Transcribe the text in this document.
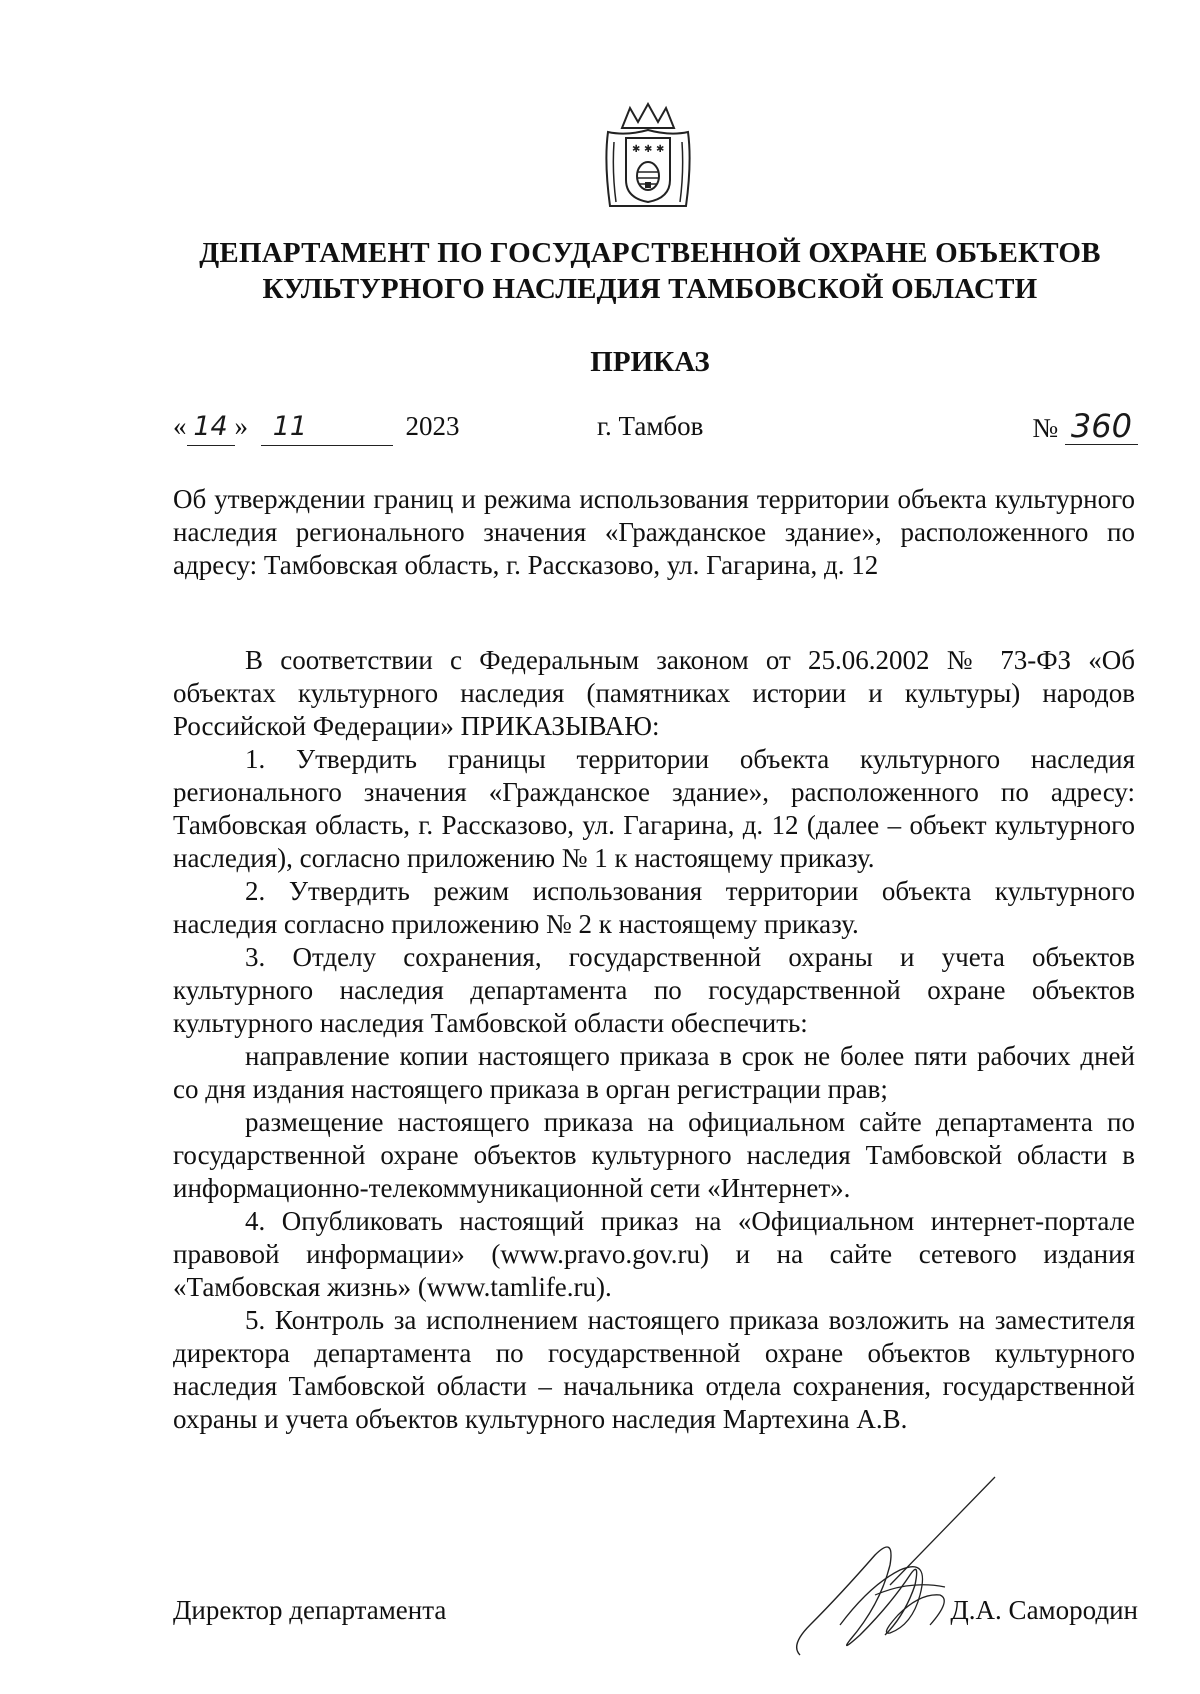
✱ ✱ ✱
ДЕПАРТАМЕНТ ПО ГОСУДАРСТВЕННОЙ ОХРАНЕ ОБЪЕКТОВ
КУЛЬТУРНОГО НАСЛЕДИЯ ТАМБОВСКОЙ ОБЛАСТИ
ПРИКАЗ
« 14 » 11	2023	г. Тамбов	№ 360

Об утверждении границ и режима использования территории объекта культурного наследия регионального значения «Гражданское здание», расположенного по адресу: Тамбовская область, г. Рассказово, ул. Гагарина, д. 12

В соответствии с Федеральным законом от 25.06.2002 № 73-ФЗ «Об объектах культурного наследия (памятниках истории и культуры) народов Российской Федерации» ПРИКАЗЫВАЮ:

1. Утвердить границы территории объекта культурного наследия регионального значения «Гражданское здание», расположенного по адресу: Тамбовская область, г. Рассказово, ул. Гагарина, д. 12 (далее – объект культурного наследия), согласно приложению № 1 к настоящему приказу.

2. Утвердить режим использования территории объекта культурного наследия согласно приложению № 2 к настоящему приказу.

3. Отделу сохранения, государственной охраны и учета объектов культурного наследия департамента по государственной охране объектов культурного наследия Тамбовской области обеспечить:

направление копии настоящего приказа в срок не более пяти рабочих дней со дня издания настоящего приказа в орган регистрации прав;

размещение настоящего приказа на официальном сайте департамента по государственной охране объектов культурного наследия Тамбовской области в информационно-телекоммуникационной сети «Интернет».

4. Опубликовать настоящий приказ на «Официальном интернет-портале правовой информации» (www.pravo.gov.ru) и на сайте сетевого издания «Тамбовская жизнь» (www.tamlife.ru).

5. Контроль за исполнением настоящего приказа возложить на заместителя директора департамента по государственной охране объектов культурного наследия Тамбовской области – начальника отдела сохранения, государственной охраны и учета объектов культурного наследия Мартехина А.В.

Директор департамента	Д.А. Самородин
